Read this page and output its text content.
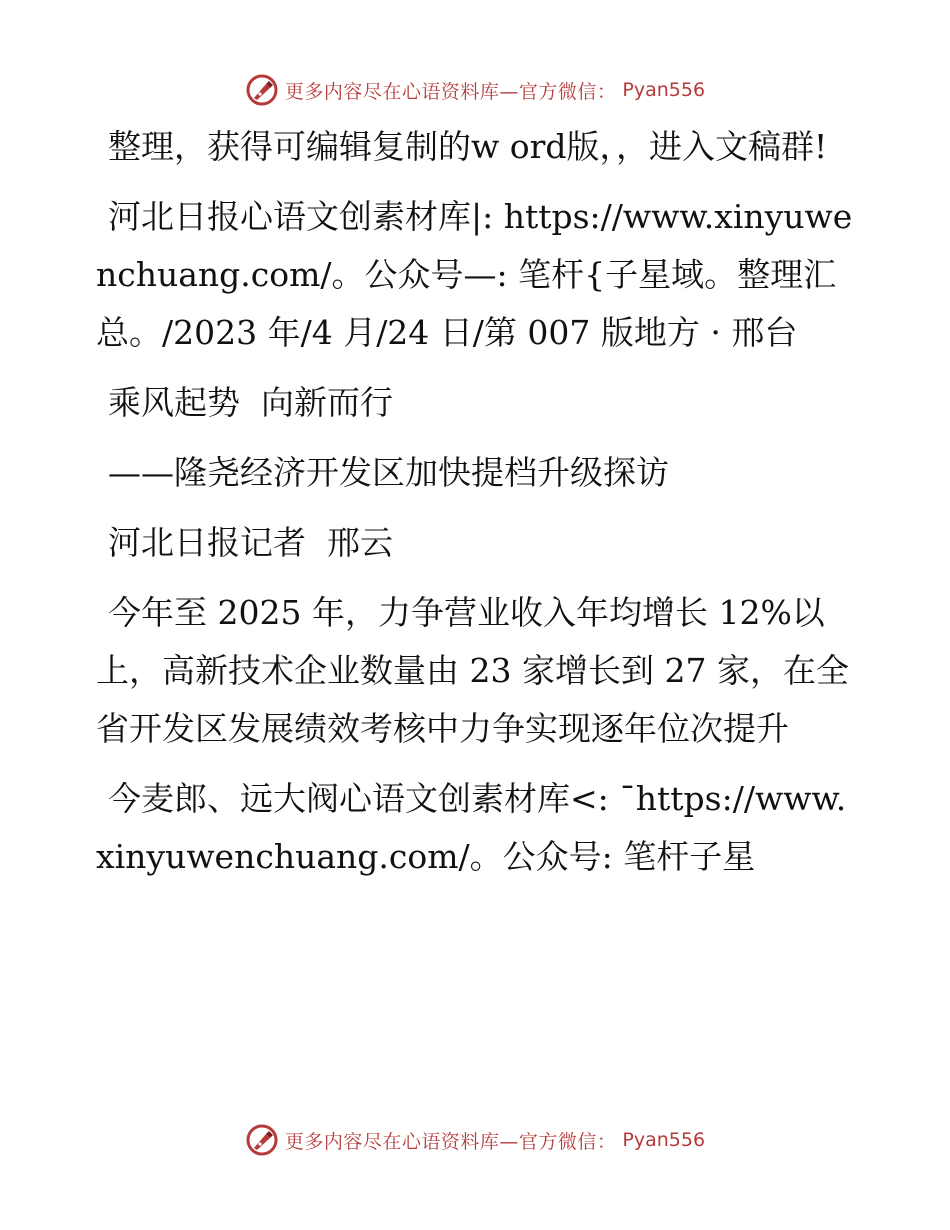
更多内容尽在心语资料库—官方微信： Pyan556

整理，获得可编辑复制的w ord版，，进入文稿群!

河北日报心语文创素材库|: https://www.xinyuwenchuang.com/。公众号—: 笔杆{子星域。整理汇总。/2023 年/4 月/24 日/第 007 版地方 · 邢台

乘风起势  向新而行

——隆尧经济开发区加快提档升级探访

河北日报记者  邢云

今年至 2025 年，力争营业收入年均增长 12%以上，高新技术企业数量由 23 家增长到 27 家，在全省开发区发展绩效考核中力争实现逐年位次提升

今麦郎、远大阀心语文创素材库<: ¯https://www.xinyuwenchuang.com/。公众号: 笔杆子星

更多内容尽在心语资料库—官方微信： Pyan556
